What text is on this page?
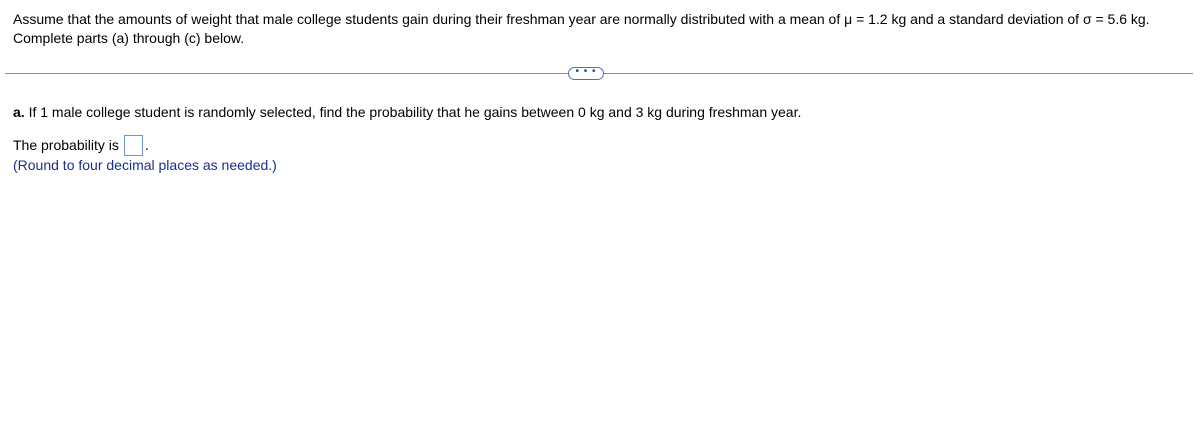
Assume that the amounts of weight that male college students gain during their freshman year are normally distributed with a mean of μ = 1.2 kg and a standard deviation of σ = 5.6 kg. Complete parts (a) through (c) below.
• • •
a. If 1 male college student is randomly selected, find the probability that he gains between 0 kg and 3 kg during freshman year.
The probability is .
(Round to four decimal places as needed.)
